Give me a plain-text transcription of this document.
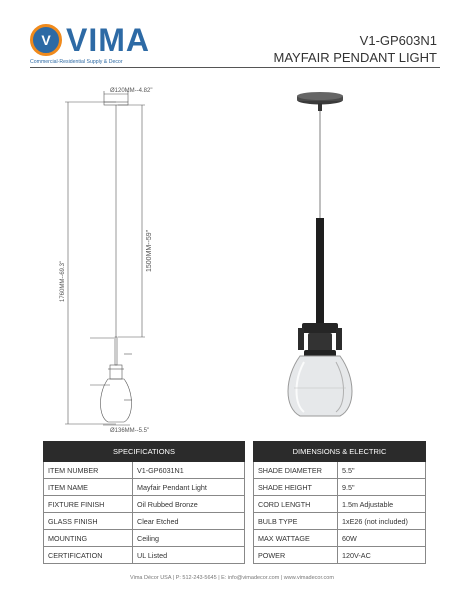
V VIMA
Commercial·Residential Supply & Decor
V1-GP603N1
MAYFAIR PENDANT LIGHT
Ø120MM--4.82"
Ø136MM--5.5"
1760MM--69.3"
1500MM--59"
SPECIFICATIONS	
ITEM NUMBER	V1-GP6031N1
ITEM NAME	Mayfair Pendant Light
FIXTURE FINISH	Oil Rubbed Bronze
GLASS FINISH	Clear Etched
MOUNTING	Ceiling
CERTIFICATION	UL Listed
DIMENSIONS & ELECTRIC	
SHADE DIAMETER	5.5"
SHADE HEIGHT	9.5"
CORD LENGTH	1.5m Adjustable
BULB TYPE	1xE26 (not included)
MAX WATTAGE	60W
POWER	120V-AC
Vima Décor USA | P: 512-243-5645 | E: info@vimadecor.com | www.vimadecor.com
